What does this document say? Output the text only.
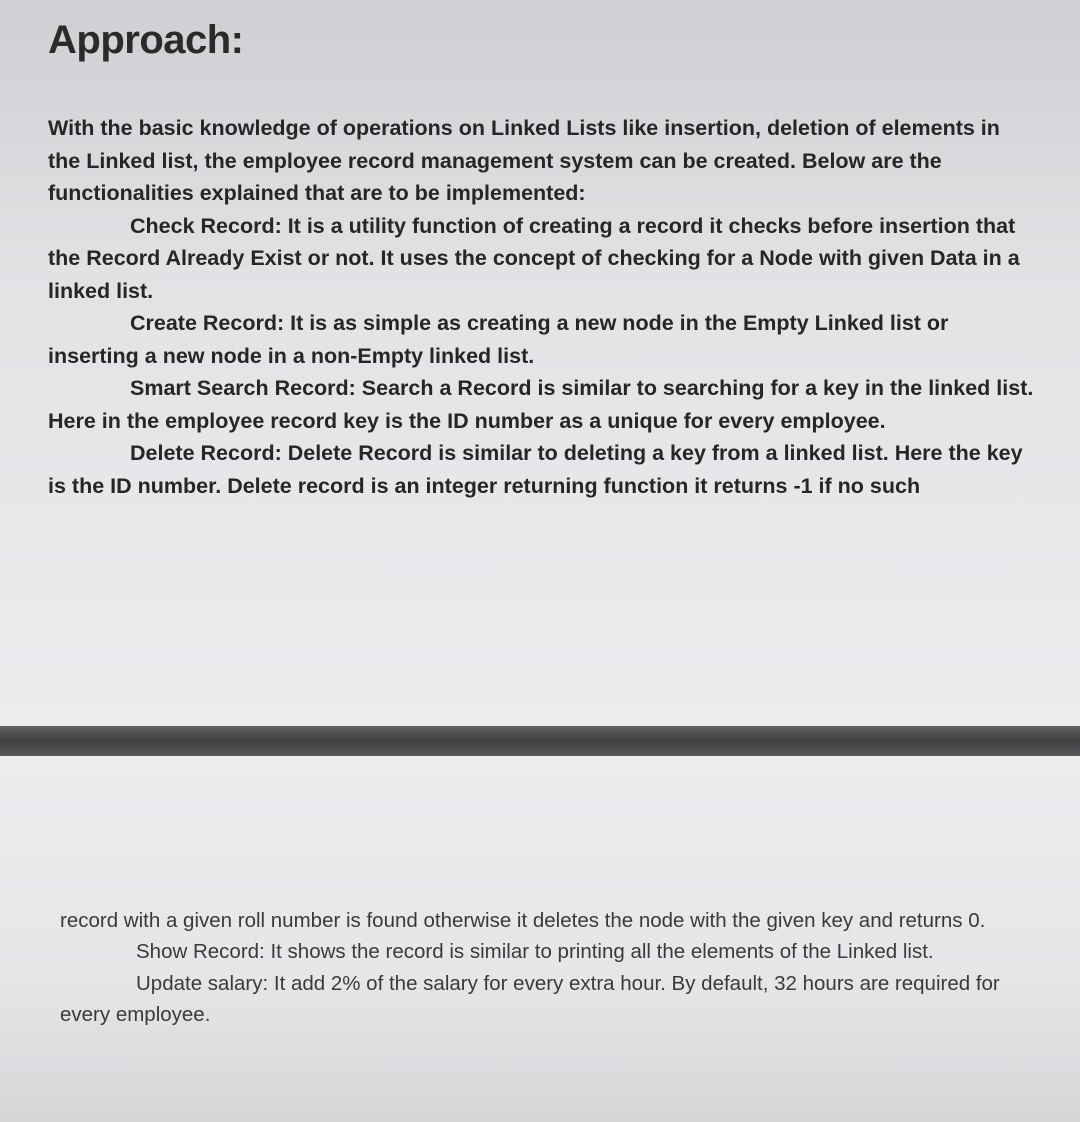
Approach:

With the basic knowledge of operations on Linked Lists like insertion, deletion of elements in the Linked list, the employee record management system can be created. Below are the functionalities explained that are to be implemented:

Check Record: It is a utility function of creating a record it checks before insertion that the Record Already Exist or not. It uses the concept of checking for a Node with given Data in a linked list.

Create Record: It is as simple as creating a new node in the Empty Linked list or inserting a new node in a non-Empty linked list.

Smart Search Record: Search a Record is similar to searching for a key in the linked list. Here in the employee record key is the ID number as a unique for every employee.

Delete Record: Delete Record is similar to deleting a key from a linked list. Here the key is the ID number. Delete record is an integer returning function it returns -1 if no such

record with a given roll number is found otherwise it deletes the node with the given key and returns 0.

Show Record: It shows the record is similar to printing all the elements of the Linked list.

Update salary: It add 2% of the salary for every extra hour. By default, 32 hours are required for every employee.
